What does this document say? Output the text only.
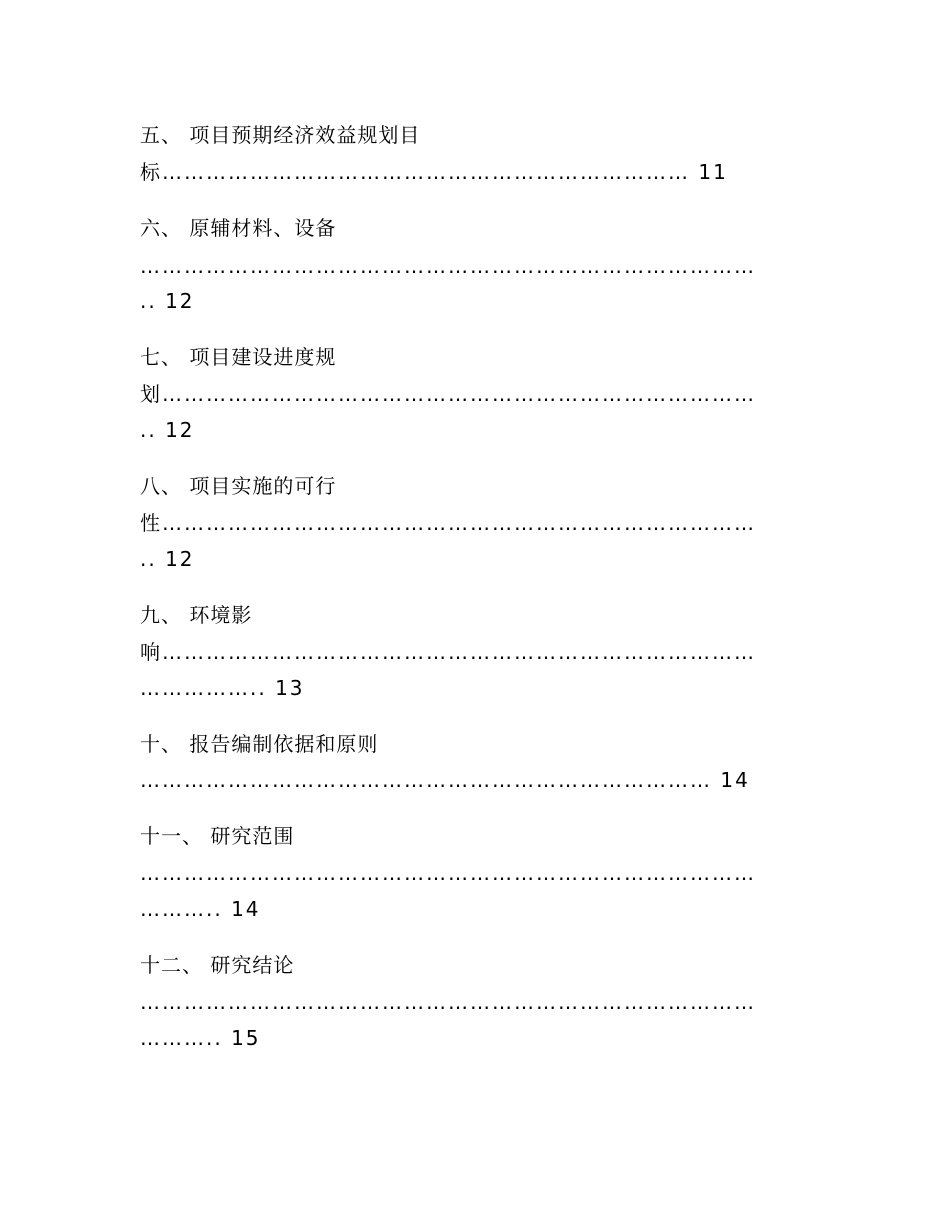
五、 项目预期经济效益规划目
标……………………………………………………………… 11
六、 原辅材料、设备
…………………………………………………………………………
.. 12
七、 项目建设进度规
划………………………………………………………………………
.. 12
八、 项目实施的可行
性………………………………………………………………………
.. 12
九、 环境影
响………………………………………………………………………
…………….. 13
十、 报告编制依据和原则
…………………………………………………………………… 14
十一、 研究范围
…………………………………………………………………………
……….. 14
十二、 研究结论
…………………………………………………………………………
……….. 15
